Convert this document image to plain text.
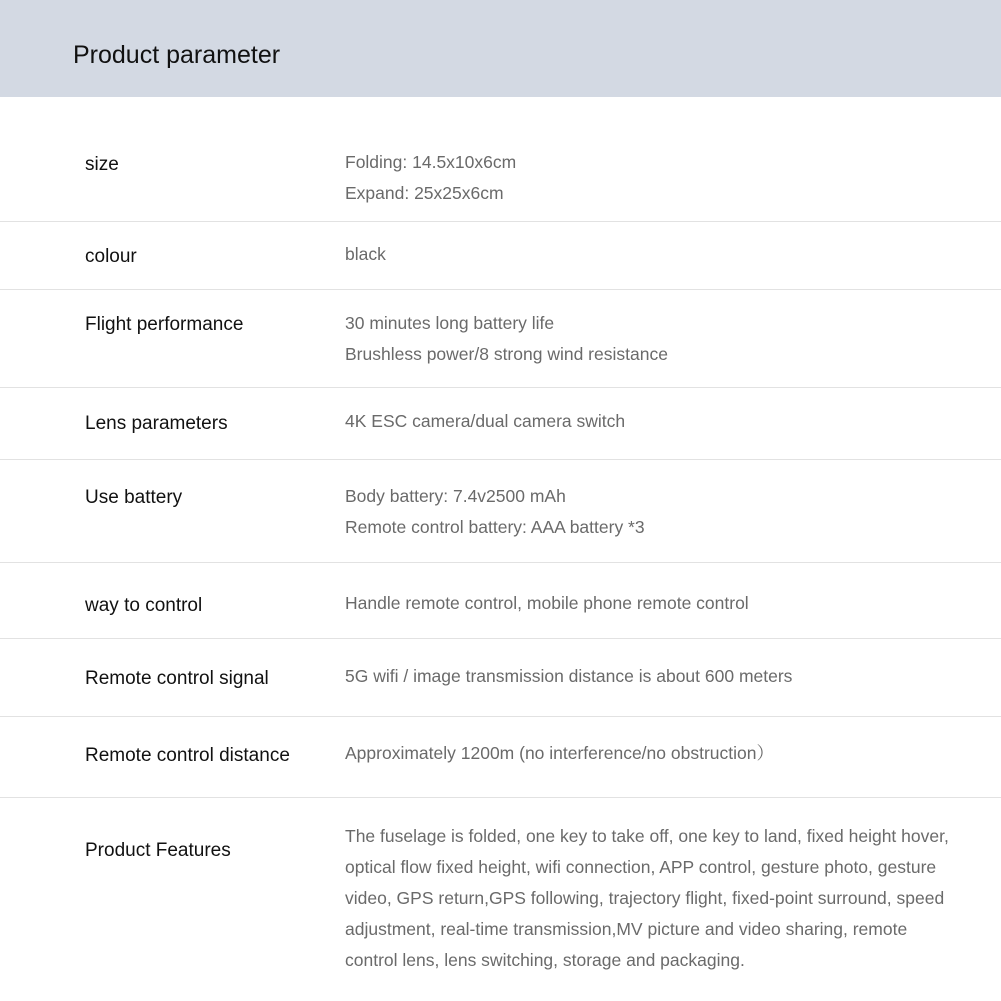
Product parameter
size	Folding: 14.5x10x6cm
Expand: 25x25x6cm
colour	black
Flight performance	30 minutes long battery life
Brushless power/8 strong wind resistance
Lens parameters	4K ESC camera/dual camera switch
Use battery	Body battery: 7.4v2500 mAh
Remote control battery: AAA battery *3
way to control	Handle remote control, mobile phone remote control
Remote control signal	5G wifi / image transmission distance is about 600 meters
Remote control distance	Approximately 1200m (no interference/no obstruction）
Product Features
The fuselage is folded, one key to take off, one key to land, fixed height hover,
optical flow fixed height, wifi connection, APP control, gesture photo, gesture
video, GPS return,GPS following, trajectory flight, fixed-point surround, speed
adjustment, real-time transmission,MV picture and video sharing, remote
control lens, lens switching, storage and packaging.
